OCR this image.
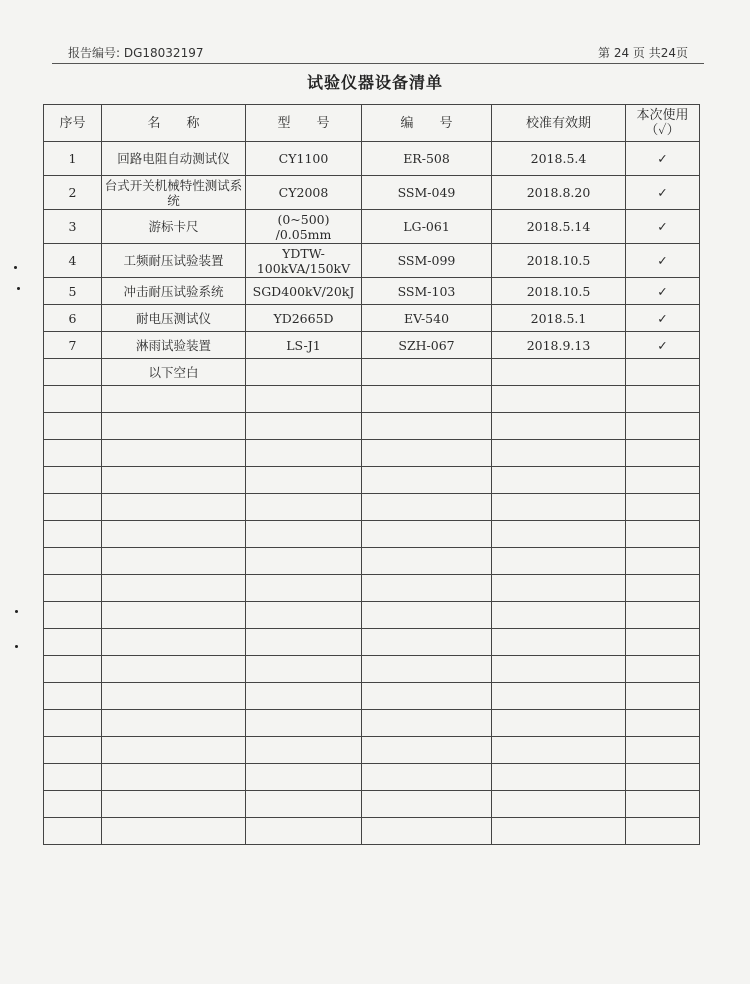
报告编号: DG18032197	第 24 页 共24页
试验仪器设备清单
序号	名　　称	型　　号	编　　号	校准有效期	本次使用（✓）
1	回路电阻自动测试仪	CY1100	ER-508	2018.5.4	✓
2	台式开关机械特性测试系统	CY2008	SSM-049	2018.8.20	✓
3	游标卡尺	(0~500) /0.05mm	LG-061	2018.5.14	✓
4	工频耐压试验装置	YDTW-100kVA/150kV	SSM-099	2018.10.5	✓
5	冲击耐压试验系统	SGD400kV/20kJ	SSM-103	2018.10.5	✓
6	耐电压测试仪	YD2665D	EV-540	2018.5.1	✓
7	淋雨试验装置	LS-J1	SZH-067	2018.9.13	✓
	以下空白				
